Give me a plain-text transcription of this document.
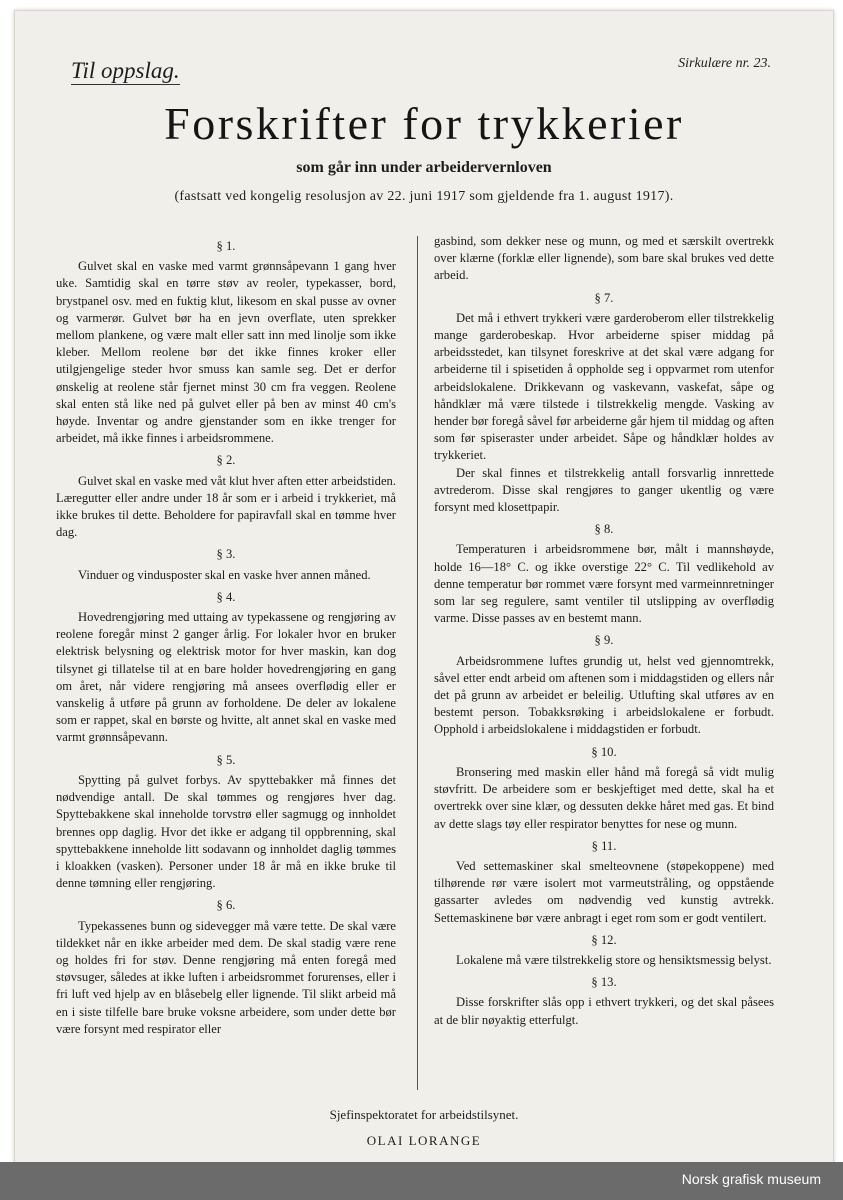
Til oppslag.	Sirkulære nr. 23.
Forskrifter for trykkerier
som går inn under arbeidervernloven
(fastsatt ved kongelig resolusjon av 22. juni 1917 som gjeldende fra 1. august 1917).
§ 1.

Gulvet skal en vaske med varmt grønnsåpevann 1 gang hver uke. Samtidig skal en tørre støv av reoler, typekasser, bord, brystpanel osv. med en fuktig klut, likesom en skal pusse av ovner og varmerør. Gulvet bør ha en jevn overflate, uten sprekker mellom plankene, og være malt eller satt inn med linolje som ikke kleber. Mellom reolene bør det ikke finnes kroker eller utilgjengelige steder hvor smuss kan samle seg. Det er derfor ønskelig at reolene står fjernet minst 30 cm fra veggen. Reolene skal enten stå like ned på gulvet eller på ben av minst 40 cm's høyde. Inventar og andre gjenstander som en ikke trenger for arbeidet, må ikke finnes i arbeidsrommene.

§ 2.

Gulvet skal en vaske med våt klut hver aften etter arbeidstiden. Læregutter eller andre under 18 år som er i arbeid i trykkeriet, må ikke brukes til dette. Beholdere for papiravfall skal en tømme hver dag.

§ 3.

Vinduer og vindusposter skal en vaske hver annen måned.

§ 4.

Hovedrengjøring med uttaing av typekassene og rengjøring av reolene foregår minst 2 ganger årlig. For lokaler hvor en bruker elektrisk belysning og elektrisk motor for hver maskin, kan dog tilsynet gi tillatelse til at en bare holder hovedrengjøring en gang om året, når videre rengjøring må ansees overflødig eller er vanskelig å utføre på grunn av forholdene. De deler av lokalene som er rappet, skal en børste og hvitte, alt annet skal en vaske med varmt grønnsåpevann.

§ 5.

Spytting på gulvet forbys. Av spyttebakker må finnes det nødvendige antall. De skal tømmes og rengjøres hver dag. Spyttebakkene skal inneholde torvstrø eller sagmugg og innholdet brennes opp daglig. Hvor det ikke er adgang til oppbrenning, skal spyttebakkene inneholde litt sodavann og innholdet daglig tømmes i kloakken (vasken). Personer under 18 år må en ikke bruke til denne tømning eller rengjøring.

§ 6.

Typekassenes bunn og sidevegger må være tette. De skal være tildekket når en ikke arbeider med dem. De skal stadig være rene og holdes fri for støv. Denne rengjøring må enten foregå med støvsuger, således at ikke luften i arbeidsrommet forurenses, eller i fri luft ved hjelp av en blåsebelg eller lignende. Til slikt arbeid må en i siste tilfelle bare bruke voksne arbeidere, som under dette bør være forsynt med respirator eller

gasbind, som dekker nese og munn, og med et særskilt overtrekk over klærne (forklæ eller lignende), som bare skal brukes ved dette arbeid.

§ 7.

Det må i ethvert trykkeri være garderoberom eller tilstrekkelig mange garderobeskap. Hvor arbeiderne spiser middag på arbeidsstedet, kan tilsynet foreskrive at det skal være adgang for arbeiderne til i spisetiden å oppholde seg i oppvarmet rom utenfor arbeidslokalene. Drikkevann og vaskevann, vaskefat, såpe og håndklær må være tilstede i tilstrekkelig mengde. Vasking av hender bør foregå såvel før arbeiderne går hjem til middag og aften som før spiseraster under arbeidet. Såpe og håndklær holdes av trykkeriet.

Der skal finnes et tilstrekkelig antall forsvarlig innrettede avtrederom. Disse skal rengjøres to ganger ukentlig og være forsynt med klosettpapir.

§ 8.

Temperaturen i arbeidsrommene bør, målt i mannshøyde, holde 16—18° C. og ikke overstige 22° C. Til vedlikehold av denne temperatur bør rommet være forsynt med varmeinnretninger som lar seg regulere, samt ventiler til utslipping av overflødig varme. Disse passes av en bestemt mann.

§ 9.

Arbeidsrommene luftes grundig ut, helst ved gjennomtrekk, såvel etter endt arbeid om aftenen som i middagstiden og ellers når det på grunn av arbeidet er beleilig. Utlufting skal utføres av en bestemt person. Tobakksrøking i arbeidslokalene er forbudt. Opphold i arbeidslokalene i middagstiden er forbudt.

§ 10.

Bronsering med maskin eller hånd må foregå så vidt mulig støvfritt. De arbeidere som er beskjeftiget med dette, skal ha et overtrekk over sine klær, og dessuten dekke håret med gas. Et bind av dette slags tøy eller respirator benyttes for nese og munn.

§ 11.

Ved settemaskiner skal smelteovnene (støpekoppene) med tilhørende rør være isolert mot varmeutstråling, og oppstående gassarter avledes om nødvendig ved kunstig avtrekk. Settemaskinene bør være anbragt i eget rom som er godt ventilert.

§ 12.

Lokalene må være tilstrekkelig store og hensiktsmessig belyst.

§ 13.

Disse forskrifter slås opp i ethvert trykkeri, og det skal påsees at de blir nøyaktig etterfulgt.

Sjefinspektoratet for arbeidstilsynet.
OLAI LORANGE
Norsk grafisk museum
